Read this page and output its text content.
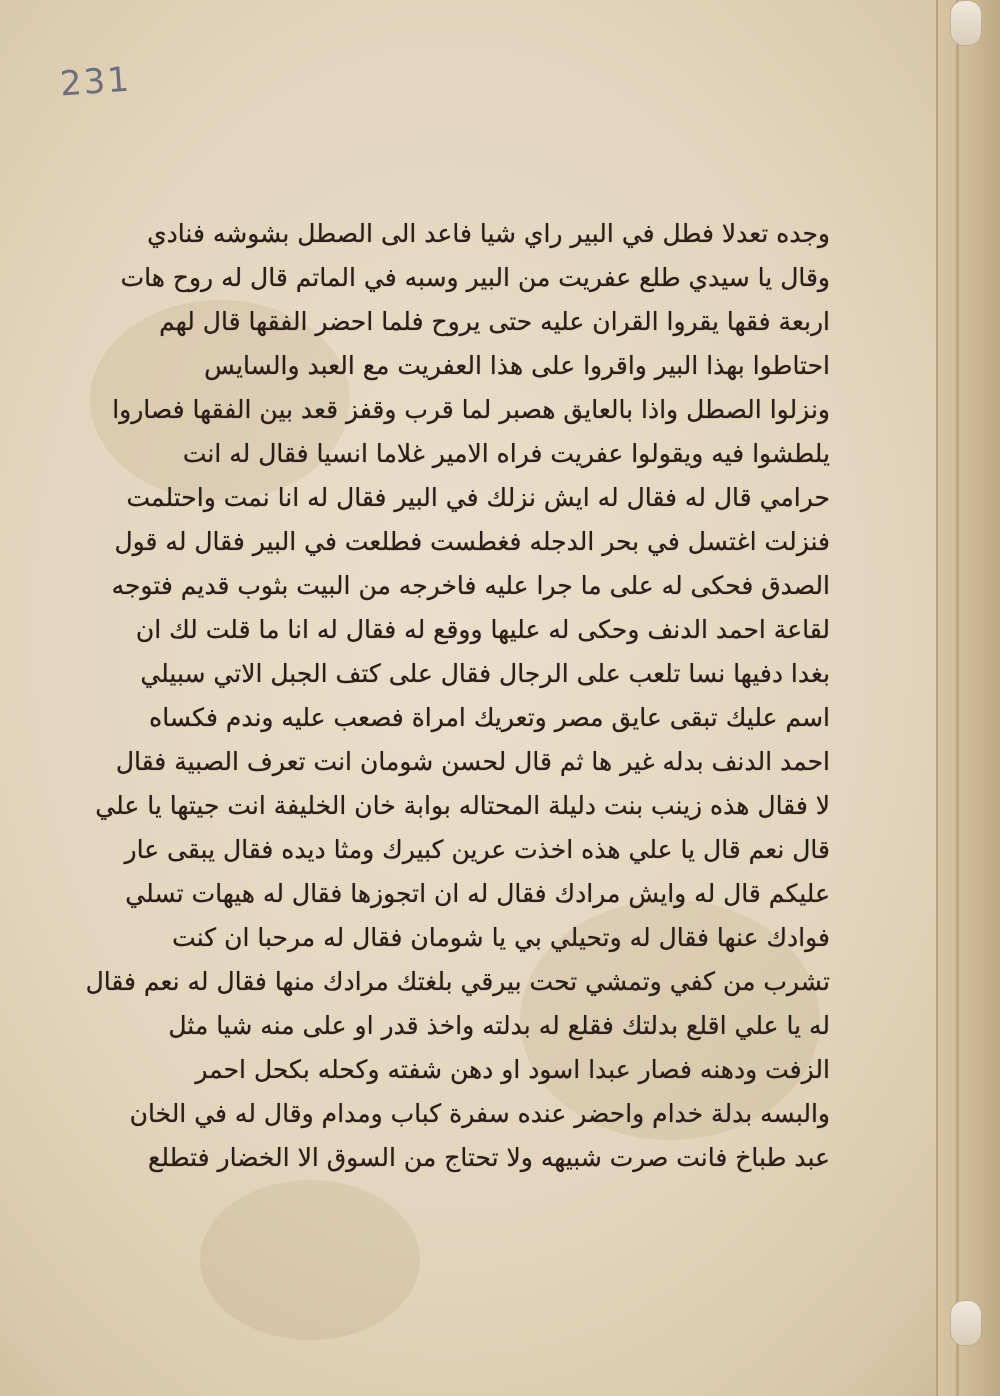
231
وجده تعدلا فطل في البير راي شيا فاعد الى الصطل بشوشه فنادي
وقال يا سيدي طلع عفريت من البير وسبه في الماتم قال له روح هات
اربعة فقها يقروا القران عليه حتى يروح فلما احضر الفقها قال لهم
احتاطوا بهذا البير واقروا على هذا العفريت مع العبد والسايس
ونزلوا الصطل واذا بالعايق هصبر لما قرب وقفز قعد بين الفقها فصاروا
يلطشوا فيه ويقولوا عفريت فراه الامير غلاما انسيا فقال له انت
حرامي قال له فقال له ايش نزلك في البير فقال له انا نمت واحتلمت
فنزلت اغتسل في بحر الدجله فغطست فطلعت في البير فقال له قول
الصدق فحكى له على ما جرا عليه فاخرجه من البيت بثوب قديم فتوجه
لقاعة احمد الدنف وحكى له عليها ووقع له فقال له انا ما قلت لك ان
بغدا دفيها نسا تلعب على الرجال فقال على كتف الجبل الاتي سبيلي
اسم عليك تبقى عايق مصر وتعريك امراة فصعب عليه وندم فكساه
احمد الدنف بدله غير ها ثم قال لحسن شومان انت تعرف الصبية فقال
لا فقال هذه زينب بنت دليلة المحتاله بوابة خان الخليفة انت جيتها يا علي
قال نعم قال يا علي هذه اخذت عرين كبيرك ومثا ديده فقال يبقى عار
عليكم قال له وايش مرادك فقال له ان اتجوزها فقال له هيهات تسلي
فوادك عنها فقال له وتحيلي بي يا شومان فقال له مرحبا ان كنت
تشرب من كفي وتمشي تحت بيرقي بلغتك مرادك منها فقال له نعم فقال
له يا علي اقلع بدلتك فقلع له بدلته واخذ قدر او على منه شيا مثل
الزفت ودهنه فصار عبدا اسود او دهن شفته وكحله بكحل احمر
والبسه بدلة خدام واحضر عنده سفرة كباب ومدام وقال له في الخان
عبد طباخ فانت صرت شبيهه ولا تحتاج من السوق الا الخضار فتطلع
